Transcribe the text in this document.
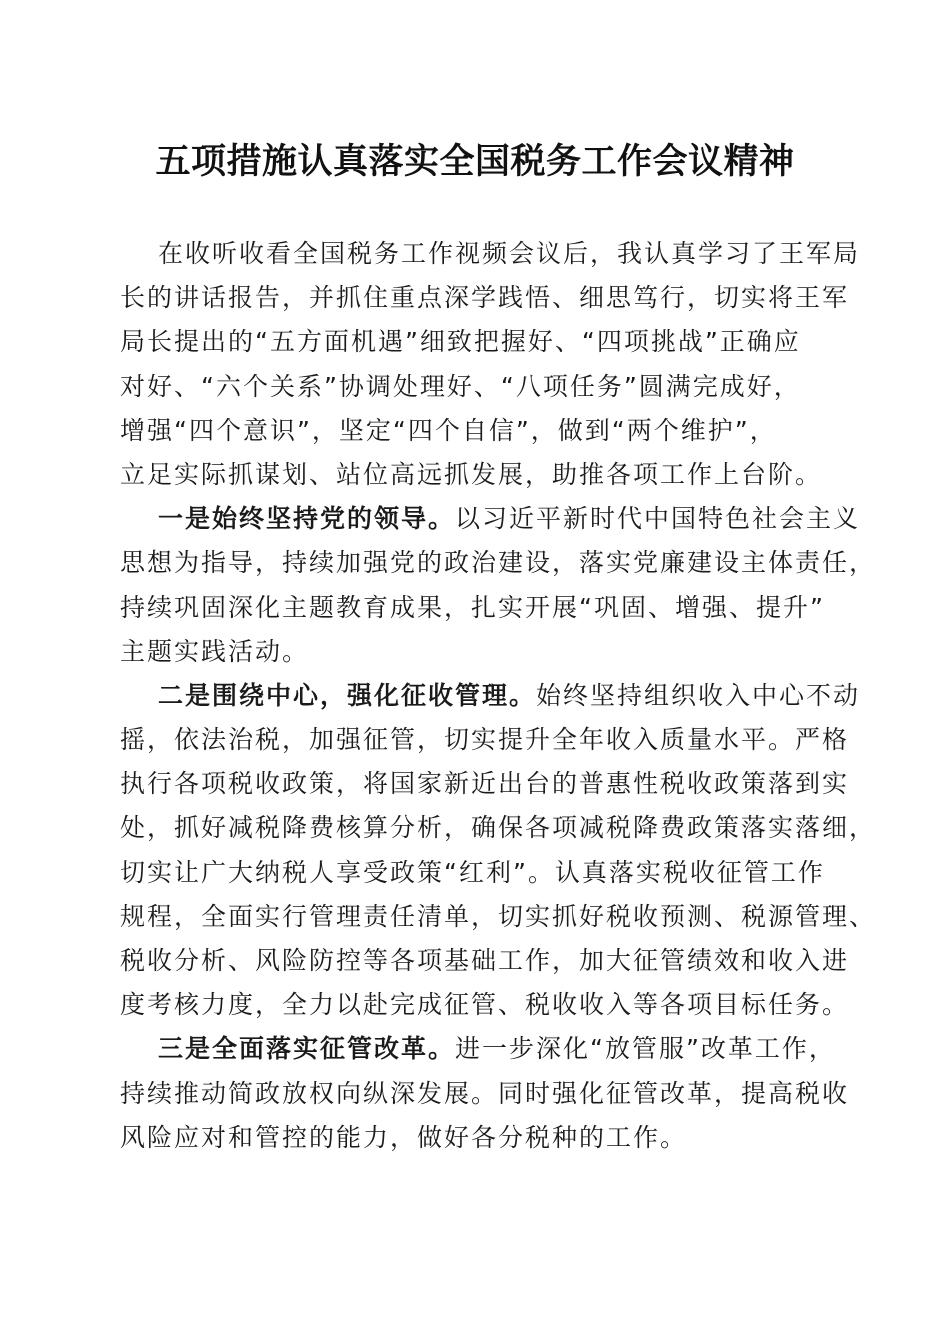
五项措施认真落实全国税务工作会议精神
在收听收看全国税务工作视频会议后，我认真学习了王军局
长的讲话报告，并抓住重点深学践悟、细思笃行，切实将王军
局长提出的“五方面机遇”细致把握好、“四项挑战”正确应
对好、“六个关系”协调处理好、“八项任务”圆满完成好，
增强“四个意识”，坚定“四个自信”，做到“两个维护”，
立足实际抓谋划、站位高远抓发展，助推各项工作上台阶。
一是始终坚持党的领导。以习近平新时代中国特色社会主义
思想为指导，持续加强党的政治建设，落实党廉建设主体责任，
持续巩固深化主题教育成果，扎实开展“巩固、增强、提升”
主题实践活动。
二是围绕中心，强化征收管理。始终坚持组织收入中心不动
摇，依法治税，加强征管，切实提升全年收入质量水平。严格
执行各项税收政策，将国家新近出台的普惠性税收政策落到实
处，抓好减税降费核算分析，确保各项减税降费政策落实落细，
切实让广大纳税人享受政策“红利”。认真落实税收征管工作
规程，全面实行管理责任清单，切实抓好税收预测、税源管理、
税收分析、风险防控等各项基础工作，加大征管绩效和收入进
度考核力度，全力以赴完成征管、税收收入等各项目标任务。
三是全面落实征管改革。进一步深化“放管服”改革工作，
持续推动简政放权向纵深发展。同时强化征管改革，提高税收
风险应对和管控的能力，做好各分税种的工作。
